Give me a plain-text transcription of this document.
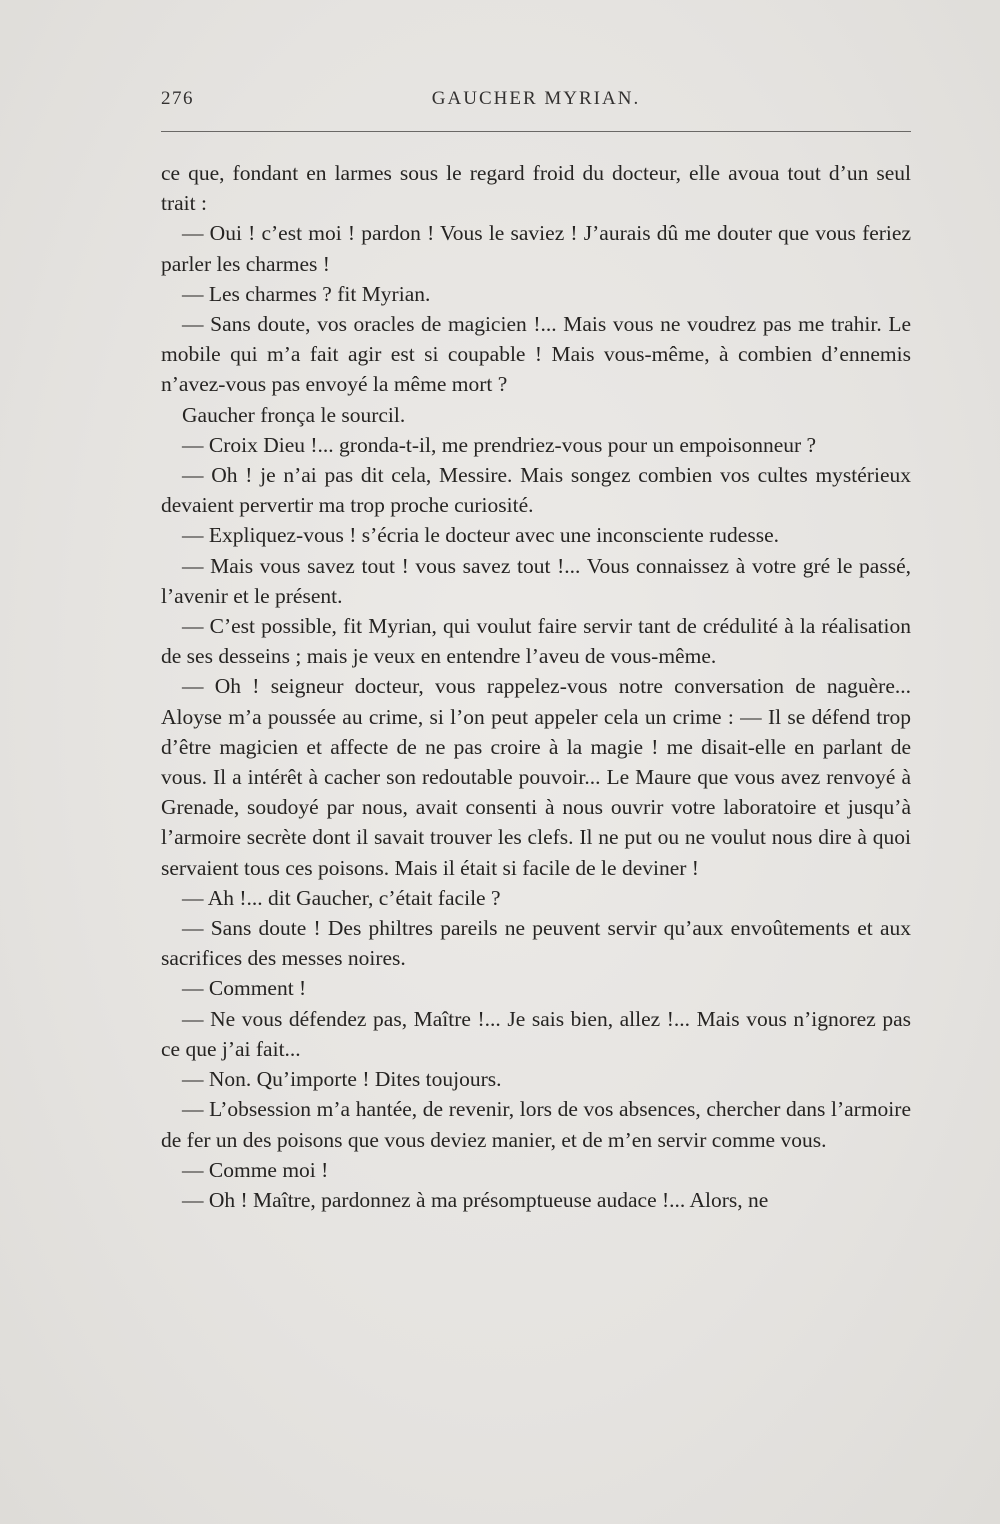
276	GAUCHER MYRIAN.

ce que, fondant en larmes sous le regard froid du docteur, elle avoua tout d’un seul trait :

— Oui ! c’est moi ! pardon ! Vous le saviez ! J’aurais dû me douter que vous feriez parler les charmes !

— Les charmes ? fit Myrian.

— Sans doute, vos oracles de magicien !... Mais vous ne voudrez pas me trahir. Le mobile qui m’a fait agir est si coupable ! Mais vous-même, à combien d’ennemis n’avez-vous pas envoyé la même mort ?

Gaucher fronça le sourcil.

— Croix Dieu !... gronda-t-il, me prendriez-vous pour un empoisonneur ?

— Oh ! je n’ai pas dit cela, Messire. Mais songez combien vos cultes mystérieux devaient pervertir ma trop proche curiosité.

— Expliquez-vous ! s’écria le docteur avec une inconsciente rudesse.

— Mais vous savez tout ! vous savez tout !... Vous connaissez à votre gré le passé, l’avenir et le présent.

— C’est possible, fit Myrian, qui voulut faire servir tant de crédulité à la réalisation de ses desseins ; mais je veux en entendre l’aveu de vous-même.

— Oh ! seigneur docteur, vous rappelez-vous notre conversation de naguère... Aloyse m’a poussée au crime, si l’on peut appeler cela un crime : — Il se défend trop d’être magicien et affecte de ne pas croire à la magie ! me disait-elle en parlant de vous. Il a intérêt à cacher son redoutable pouvoir... Le Maure que vous avez renvoyé à Grenade, soudoyé par nous, avait consenti à nous ouvrir votre laboratoire et jusqu’à l’armoire secrète dont il savait trouver les clefs. Il ne put ou ne voulut nous dire à quoi servaient tous ces poisons. Mais il était si facile de le deviner !

— Ah !... dit Gaucher, c’était facile ?

— Sans doute ! Des philtres pareils ne peuvent servir qu’aux envoûtements et aux sacrifices des messes noires.

— Comment !

— Ne vous défendez pas, Maître !... Je sais bien, allez !... Mais vous n’ignorez pas ce que j’ai fait...

— Non. Qu’importe ! Dites toujours.

— L’obsession m’a hantée, de revenir, lors de vos absences, chercher dans l’armoire de fer un des poisons que vous deviez manier, et de m’en servir comme vous.

— Comme moi !

— Oh ! Maître, pardonnez à ma présomptueuse audace !... Alors, ne
